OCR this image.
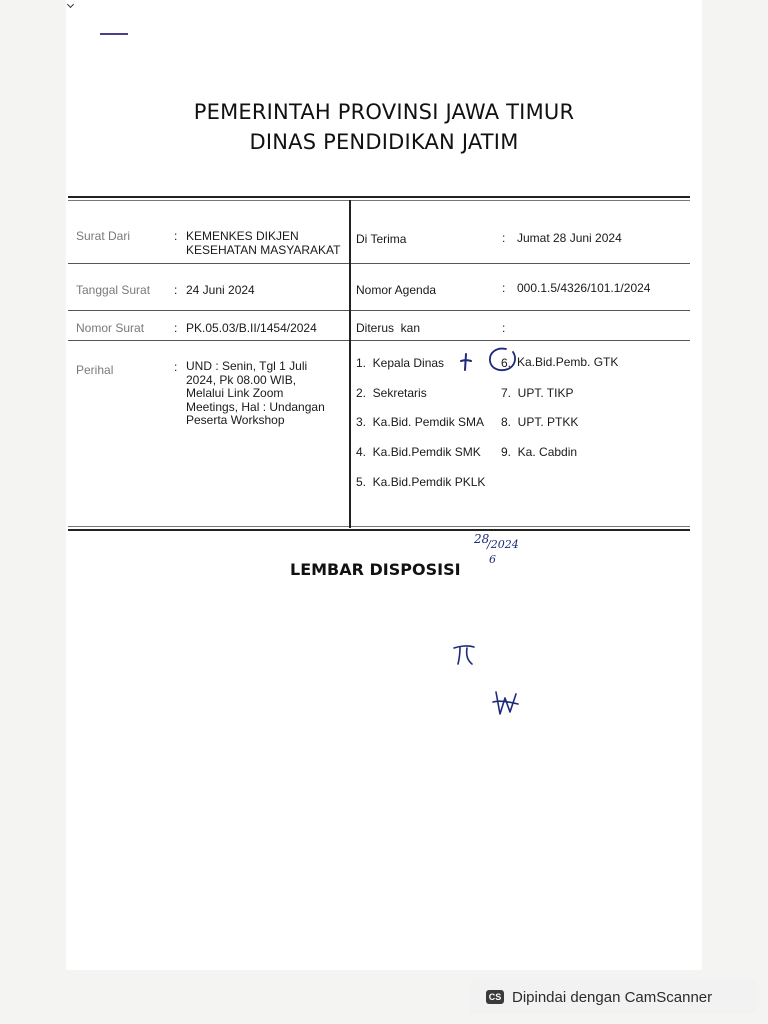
PEMERINTAH PROVINSI JAWA TIMUR
DINAS PENDIDIKAN JATIM
Surat Dari	: KEMENKES DIKJEN
KESEHATAN MASYARAKAT
Tanggal Surat : 24 Juni 2024
Nomor Surat : PK.05.03/B.II/1454/2024
Perihal	: UND : Senin, Tgl 1 Juli
2024, Pk 08.00 WIB,
Melalui Link Zoom
Meetings, Hal : Undangan
Peserta Workshop
Di Terima	: Jumat 28 Juni 2024
Nomor Agenda	: 000.1.5/4326/101.1/2024
Diterus  kan	:
1.  Kepala Dinas
2.  Sekretaris
3.  Ka.Bid. Pemdik SMA
4.  Ka.Bid.Pemdik SMK
5.  Ka.Bid.Pemdik PKLK
6. Ka.Bid.Pemb. GTK
7.  UPT. TIKP
8.  UPT. PTKK
9.  Ka. Cabdin
LEMBAR DISPOSISI
28
/2024
6
CS Dipindai dengan CamScanner
